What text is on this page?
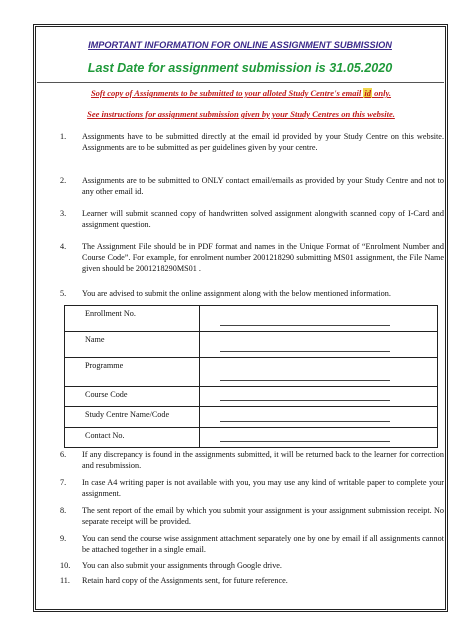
IMPORTANT INFORMATION FOR ONLINE ASSIGNMENT SUBMISSION
Last Date for assignment submission is 31.05.2020
Soft copy of Assignments to be submitted to your alloted Study Centre's email id only.
See instructions for assignment submission given by your Study Centres on this website.
1.	Assignments have to be submitted directly at the email id provided by your Study Centre on this website. Assignments are to be submitted as per guidelines given by your centre.
2.	Assignments are to be submitted to ONLY contact email/emails as provided by your Study Centre and not to any other email id.
3.	Learner will submit scanned copy of handwritten solved assignment alongwith scanned copy of I-Card and assignment question.
4.	The Assignment File should be in PDF format and names in the Unique Format of “Enrolment Number and Course Code”. For example, for enrolment number 2001218290 submitting MS01 assignment, the File Name given should be 2001218290MS01 .
5.	You are advised to submit the online assignment along with the below mentioned information.
6.	If any discrepancy is found in the assignments submitted, it will be returned back to the learner for correction and resubmission.
7.	In case A4 writing paper is not available with you, you may use any kind of writable paper to complete your assignment.
8.	The sent report of the email by which you submit your assignment is your assignment submission receipt. No separate receipt will be provided.
9.	You can send the course wise assignment attachment separately one by one by email if all assignments cannot be attached together in a single email.
10.	You can also submit your assignments through Google drive.
11.	Retain hard copy of the Assignments sent, for future reference.
Enrollment No.	

Name	

Programme	

Course Code	

Study Centre Name/Code	

Contact No.	
